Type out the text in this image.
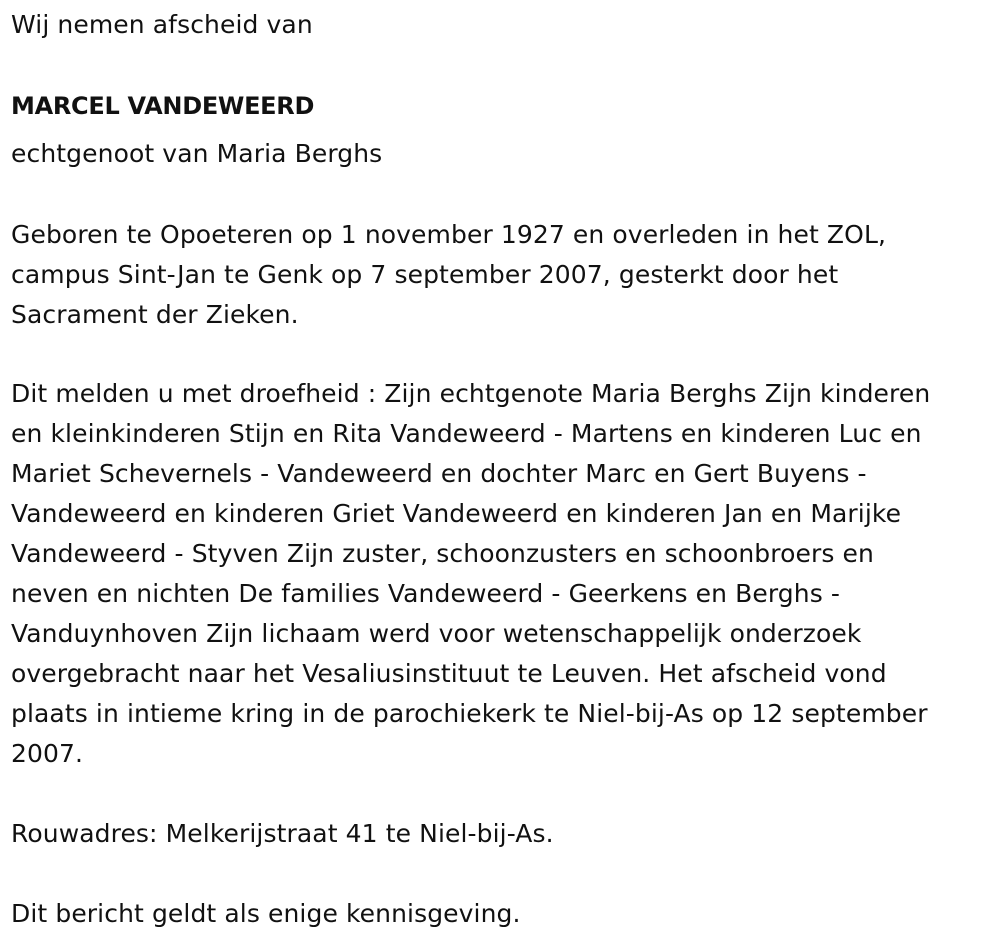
Wij nemen afscheid van
MARCEL VANDEWEERD
echtgenoot van Maria Berghs
Geboren te Opoeteren op 1 november 1927 en overleden in het ZOL,
campus Sint-Jan te Genk op 7 september 2007, gesterkt door het
Sacrament der Zieken.
Dit melden u met droefheid : Zijn echtgenote Maria Berghs Zijn kinderen
en kleinkinderen Stijn en Rita Vandeweerd - Martens en kinderen Luc en
Mariet Schevernels - Vandeweerd en dochter Marc en Gert Buyens -
Vandeweerd en kinderen Griet Vandeweerd en kinderen Jan en Marijke
Vandeweerd - Styven Zijn zuster, schoonzusters en schoonbroers en
neven en nichten De families Vandeweerd - Geerkens en Berghs -
Vanduynhoven Zijn lichaam werd voor wetenschappelijk onderzoek
overgebracht naar het Vesaliusinstituut te Leuven. Het afscheid vond
plaats in intieme kring in de parochiekerk te Niel-bij-As op 12 september
2007.
Rouwadres: Melkerijstraat 41 te Niel-bij-As.
Dit bericht geldt als enige kennisgeving.
